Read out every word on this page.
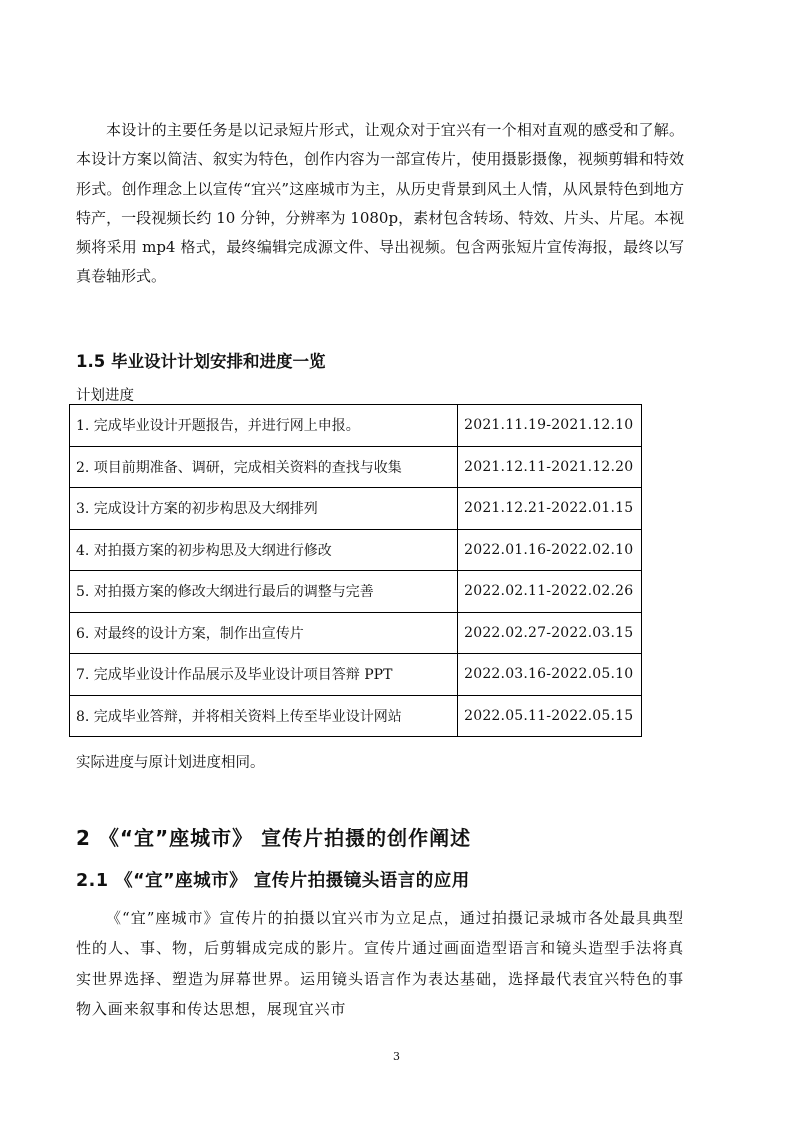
本设计的主要任务是以记录短片形式，让观众对于宜兴有一个相对直观的感受和了解。本设计方案以简洁、叙实为特色，创作内容为一部宣传片，使用摄影摄像，视频剪辑和特效形式。创作理念上以宣传“宜兴”这座城市为主，从历史背景到风土人情，从风景特色到地方特产，一段视频长约 10 分钟，分辨率为 1080p，素材包含转场、特效、片头、片尾。本视频将采用 mp4 格式，最终编辑完成源文件、导出视频。包含两张短片宣传海报，最终以写真卷轴形式。

1.5 毕业设计计划安排和进度一览

计划进度

1. 完成毕业设计开题报告，并进行网上申报。	2021.11.19-2021.12.10
2. 项目前期准备、调研，完成相关资料的查找与收集	2021.12.11-2021.12.20
3. 完成设计方案的初步构思及大纲排列	2021.12.21-2022.01.15
4. 对拍摄方案的初步构思及大纲进行修改	2022.01.16-2022.02.10
5. 对拍摄方案的修改大纲进行最后的调整与完善	2022.02.11-2022.02.26
6. 对最终的设计方案，制作出宣传片	2022.02.27-2022.03.15
7. 完成毕业设计作品展示及毕业设计项目答辩 PPT	2022.03.16-2022.05.10
8. 完成毕业答辩，并将相关资料上传至毕业设计网站	2022.05.11-2022.05.15

实际进度与原计划进度相同。

2 《“宜”座城市》 宣传片拍摄的创作阐述
2.1 《“宜”座城市》 宣传片拍摄镜头语言的应用

《“宜”座城市》宣传片的拍摄以宜兴市为立足点，通过拍摄记录城市各处最具典型性的人、事、物，后剪辑成完成的影片。宣传片通过画面造型语言和镜头造型手法将真实世界选择、塑造为屏幕世界。运用镜头语言作为表达基础，选择最代表宜兴特色的事物入画来叙事和传达思想，展现宜兴市

3
